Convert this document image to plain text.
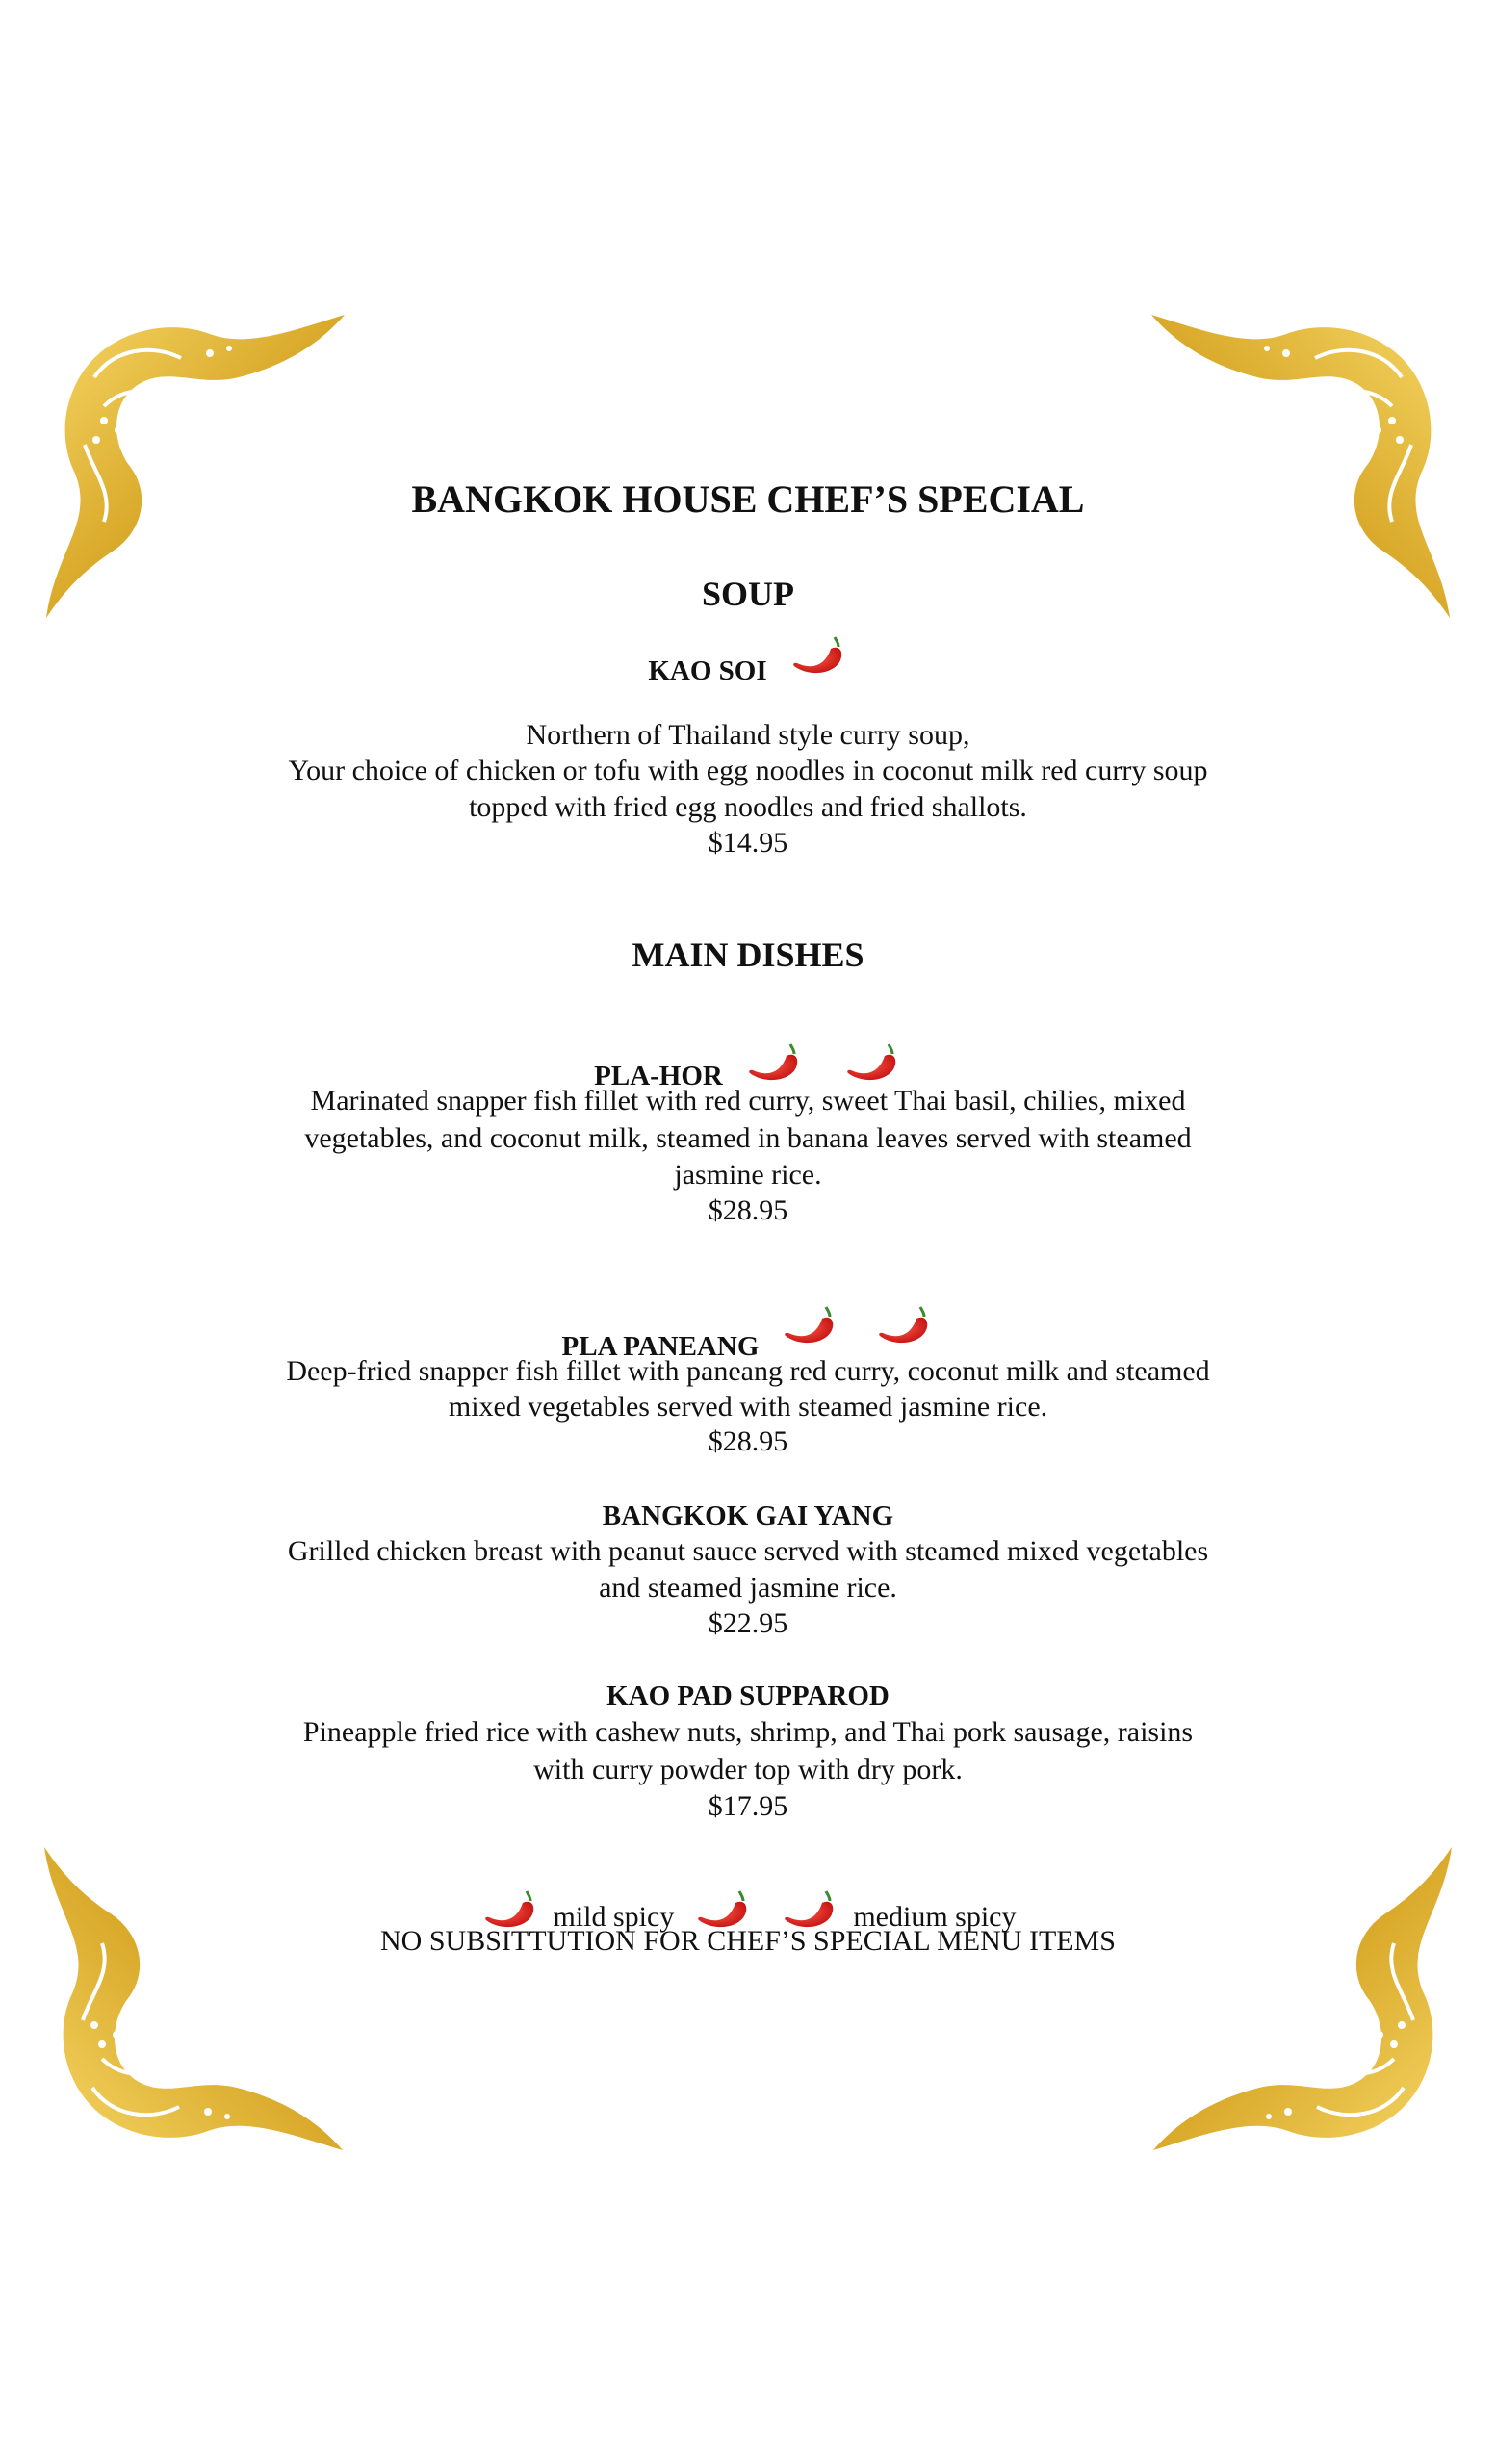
BANGKOK HOUSE CHEF’S SPECIAL
SOUP
KAO SOI
Northern of Thailand style curry soup,
Your choice of chicken or tofu with egg noodles in coconut milk red curry soup
topped with fried egg noodles and fried shallots.
$14.95
MAIN DISHES
PLA-HOR
Marinated snapper fish fillet with red curry, sweet Thai basil, chilies, mixed
vegetables, and coconut milk, steamed in banana leaves served with steamed
jasmine rice.
$28.95
PLA PANEANG
Deep-fried snapper fish fillet with paneang red curry, coconut milk and steamed
mixed vegetables served with steamed jasmine rice.
$28.95
BANGKOK GAI YANG
Grilled chicken breast with peanut sauce served with steamed mixed vegetables
and steamed jasmine rice.
$22.95
KAO PAD SUPPAROD
Pineapple fried rice with cashew nuts, shrimp, and Thai pork sausage, raisins
with curry powder top with dry pork.
$17.95
mild spicy	medium spicy
NO SUBSITTUTION FOR CHEF’S SPECIAL MENU ITEMS
